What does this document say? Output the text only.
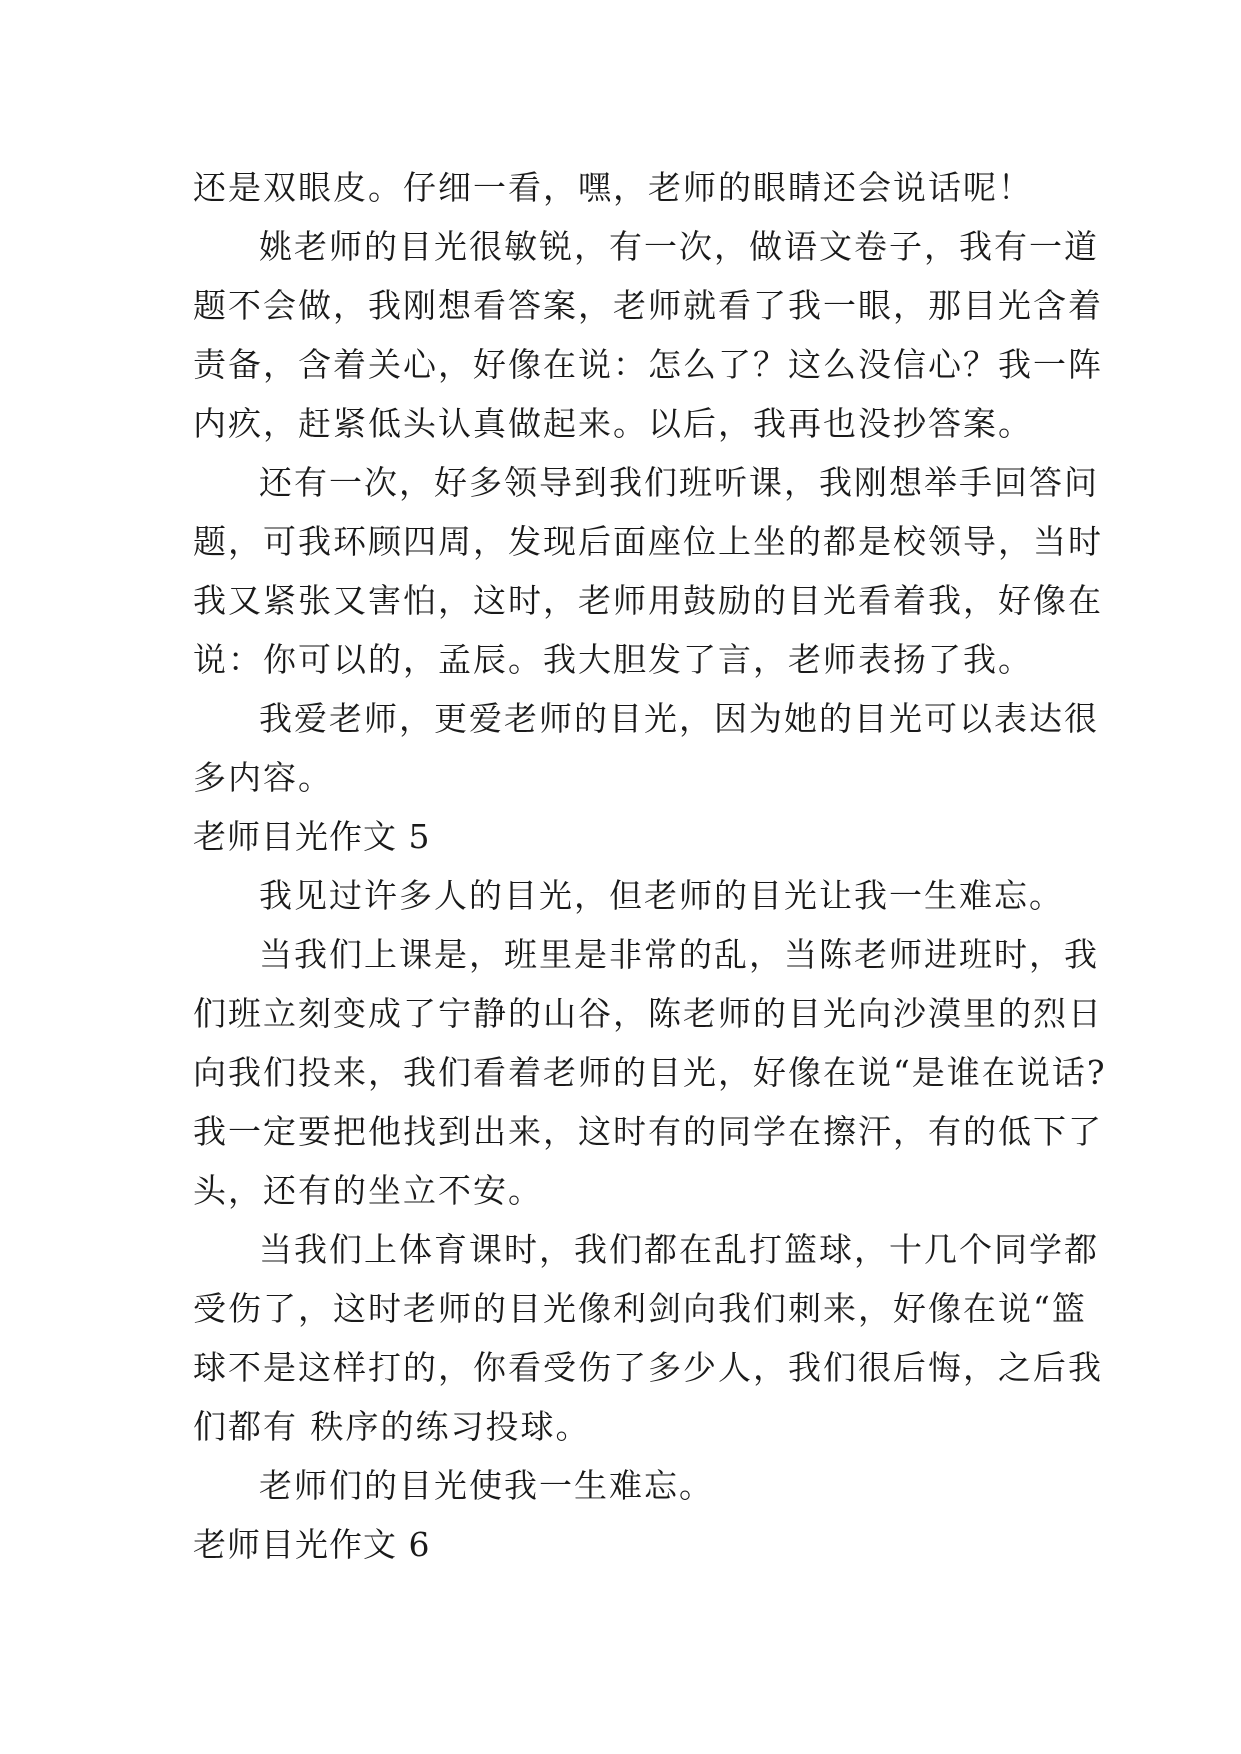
还是双眼皮。仔细一看，嘿，老师的眼睛还会说话呢！
姚老师的目光很敏锐，有一次，做语文卷子，我有一道
题不会做，我刚想看答案，老师就看了我一眼，那目光含着
责备，含着关心，好像在说：怎么了？这么没信心？我一阵
内疚，赶紧低头认真做起来。以后，我再也没抄答案。
还有一次，好多领导到我们班听课，我刚想举手回答问
题，可我环顾四周，发现后面座位上坐的都是校领导，当时
我又紧张又害怕，这时，老师用鼓励的目光看着我，好像在
说：你可以的，孟辰。我大胆发了言，老师表扬了我。
我爱老师，更爱老师的目光，因为她的目光可以表达很
多内容。
老师目光作文 5
我见过许多人的目光，但老师的目光让我一生难忘。
当我们上课是，班里是非常的乱，当陈老师进班时，我
们班立刻变成了宁静的山谷，陈老师的目光向沙漠里的烈日
向我们投来，我们看着老师的目光，好像在说“是谁在说话?
我一定要把他找到出来，这时有的同学在擦汗，有的低下了
头，还有的坐立不安。
当我们上体育课时，我们都在乱打篮球，十几个同学都
受伤了，这时老师的目光像利剑向我们刺来，好像在说“篮
球不是这样打的，你看受伤了多少人，我们很后悔，之后我
们都有 秩序的练习投球。
老师们的目光使我一生难忘。
老师目光作文 6
